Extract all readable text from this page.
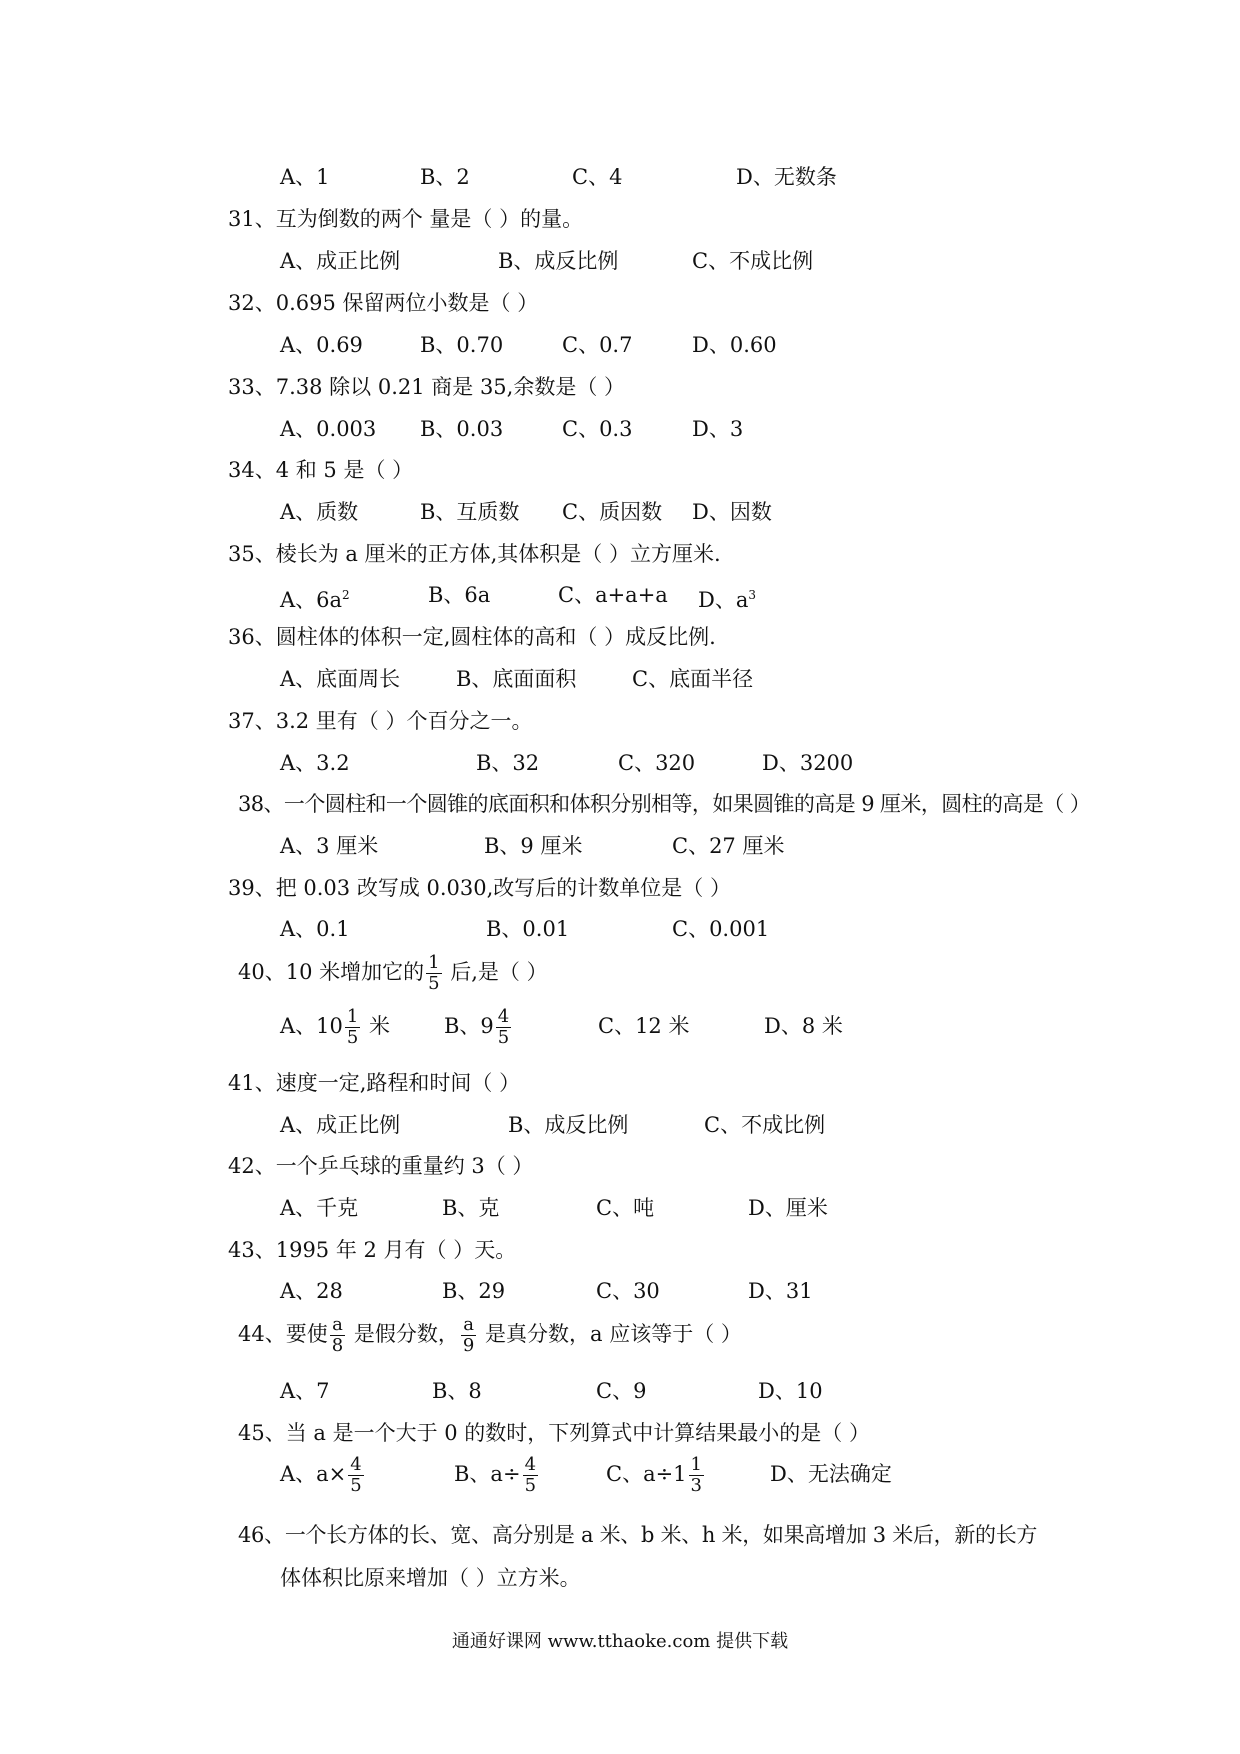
A、1	B、2	C、4	D、无数条
31、互为倒数的两个 量是（ ）的量。
A、成正比例	B、成反比例	C、不成比例
32、0.695 保留两位小数是（ ）
A、0.69	B、0.70	C、0.7	D、0.60
33、7.38 除以 0.21 商是 35,余数是（ ）
A、0.003 B、0.03	C、0.3	D、3
34、4 和 5 是（ ）
A、质数	B、互质数 C、质因数 D、因数
35、棱长为 a 厘米的正方体,其体积是（ ）立方厘米.
A、$6a^2$	B、6a	C、a+a+a D、$a^3$
36、圆柱体的体积一定,圆柱体的高和（ ）成反比例.
A、底面周长	B、底面面积	C、底面半径
37、3.2 里有（ ）个百分之一。
A、3.2	B、32	C、320	D、3200
38、一个圆柱和一个圆锥的底面积和体积分别相等，如果圆锥的高是 9 厘米，圆柱的高是（ ）
A、3 厘米	B、9 厘米	C、27 厘米
39、把 0.03 改写成 0.030,改写后的计数单位是（ ）
A、0.1	B、0.01	C、0.001
40、10 米增加它的 $\frac{1}{5}$ 后,是（ ）
A、$10 \frac{1}{5}$ 米	B、$9 \frac{4}{5}$	C、12 米	D、8 米
41、速度一定,路程和时间（ ）
A、成正比例	B、成反比例	C、不成比例
42、一个乒乓球的重量约 3（ ）
A、千克	B、克	C、吨	D、厘米
43、1995 年 2 月有（ ）天。
A、28	B、29	C、30	D、31
44、要使 $\frac{a}{8}$ 是假分数， $\frac{a}{9}$ 是真分数，a 应该等于（ ）
A、7	B、8	C、9	D、10
45、当 a 是一个大于 0 的数时，下列算式中计算结果最小的是（ ）
A、$a\times \frac{4}{5}$	B、$a\div \frac{4}{5}$	C、$a\div 1 \frac{1}{3}$	D、无法确定
46、一个长方体的长、宽、高分别是 a 米、b 米、h 米，如果高增加 3 米后，新的长方
体体积比原来增加（ ）立方米。
通通好课网 www.tthaoke.com 提供下载
